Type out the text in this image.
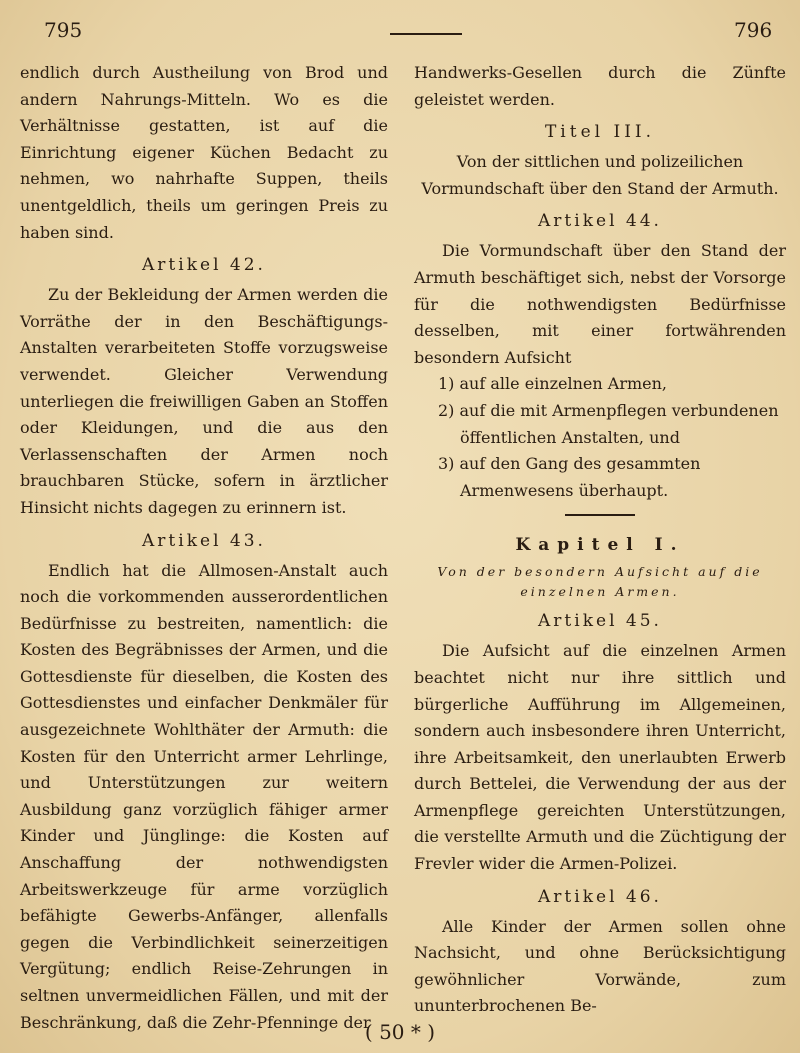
795	796

endlich durch Austheilung von Brod und andern Nahrungs-Mitteln. Wo es die Verhältnisse gestatten, ist auf die Einrichtung eigener Küchen Bedacht zu nehmen, wo nahrhafte Suppen, theils unentgeldlich, theils um geringen Preis zu haben sind.

Artikel 42.

Zu der Bekleidung der Armen werden die Vorräthe der in den Beschäftigungs-Anstalten verarbeiteten Stoffe vorzugsweise verwendet. Gleicher Verwendung unterliegen die freiwilligen Gaben an Stoffen oder Kleidungen, und die aus den Verlassenschaften der Armen noch brauchbaren Stücke, sofern in ärztlicher Hinsicht nichts dagegen zu erinnern ist.

Artikel 43.

Endlich hat die Allmosen-Anstalt auch noch die vorkommenden ausserordentlichen Bedürfnisse zu bestreiten, namentlich: die Kosten des Begräbnisses der Armen, und die Gottesdienste für dieselben, die Kosten des Gottesdienstes und einfacher Denkmäler für ausgezeichnete Wohlthäter der Armuth: die Kosten für den Unterricht armer Lehrlinge, und Unterstützungen zur weitern Ausbildung ganz vorzüglich fähiger armer Kinder und Jünglinge: die Kosten auf Anschaffung der nothwendigsten Arbeitswerkzeuge für arme vorzüglich befähigte Gewerbs-Anfänger, allenfalls gegen die Verbindlichkeit seinerzeitigen Vergütung; endlich Reise-Zehrungen in seltnen unvermeidlichen Fällen, und mit der Beschränkung, daß die Zehr-Pfenninge der

Handwerks-Gesellen durch die Zünfte geleistet werden.

Titel III.
Von der sittlichen und polizeilichen Vormundschaft über den Stand der Armuth.
Artikel 44.

Die Vormundschaft über den Stand der Armuth beschäftiget sich, nebst der Vorsorge für die nothwendigsten Bedürfnisse desselben, mit einer fortwährenden besondern Aufsicht

1) auf alle einzelnen Armen,
2) auf die mit Armenpflegen verbundenen öffentlichen Anstalten, und
3) auf den Gang des gesammten Armenwesens überhaupt.
Kapitel I.
Von der besondern Aufsicht auf die einzelnen Armen.
Artikel 45.

Die Aufsicht auf die einzelnen Armen beachtet nicht nur ihre sittlich und bürgerliche Aufführung im Allgemeinen, sondern auch insbesondere ihren Unterricht, ihre Arbeitsamkeit, den unerlaubten Erwerb durch Bettelei, die Verwendung der aus der Armenpflege gereichten Unterstützungen, die verstellte Armuth und die Züchtigung der Frevler wider die Armen-Polizei.

Artikel 46.

Alle Kinder der Armen sollen ohne Nachsicht, und ohne Berücksichtigung gewöhnlicher Vorwände, zum ununterbrochenen Be-

( 50 * )
